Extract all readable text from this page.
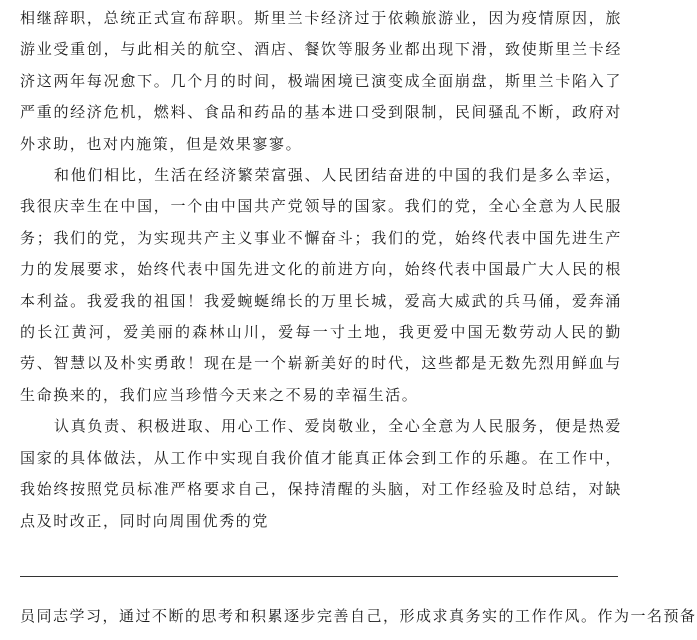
相继辞职，总统正式宣布辞职。斯里兰卡经济过于依赖旅游业，因为疫情原因，旅游业受重创，与此相关的航空、酒店、餐饮等服务业都出现下滑，致使斯里兰卡经济这两年每况愈下。几个月的时间，极端困境已演变成全面崩盘，斯里兰卡陷入了严重的经济危机，燃料、食品和药品的基本进口受到限制，民间骚乱不断，政府对外求助，也对内施策，但是效果寥寥。

和他们相比，生活在经济繁荣富强、人民团结奋进的中国的我们是多么幸运，我很庆幸生在中国，一个由中国共产党领导的国家。我们的党，全心全意为人民服务；我们的党，为实现共产主义事业不懈奋斗；我们的党，始终代表中国先进生产力的发展要求，始终代表中国先进文化的前进方向，始终代表中国最广大人民的根本利益。我爱我的祖国！我爱蜿蜒绵长的万里长城，爱高大威武的兵马俑，爱奔涌的长江黄河，爱美丽的森林山川，爱每一寸土地，我更爱中国无数劳动人民的勤劳、智慧以及朴实勇敢！现在是一个崭新美好的时代，这些都是无数先烈用鲜血与生命换来的，我们应当珍惜今天来之不易的幸福生活。

认真负责、积极进取、用心工作、爱岗敬业，全心全意为人民服务，便是热爱国家的具体做法，从工作中实现自我价值才能真正体会到工作的乐趣。在工作中，我始终按照党员标准严格要求自己，保持清醒的头脑，对工作经验及时总结，对缺点及时改正，同时向周围优秀的党

员同志学习，通过不断的思考和积累逐步完善自己，形成求真务实的工作作风。作为一名预备
